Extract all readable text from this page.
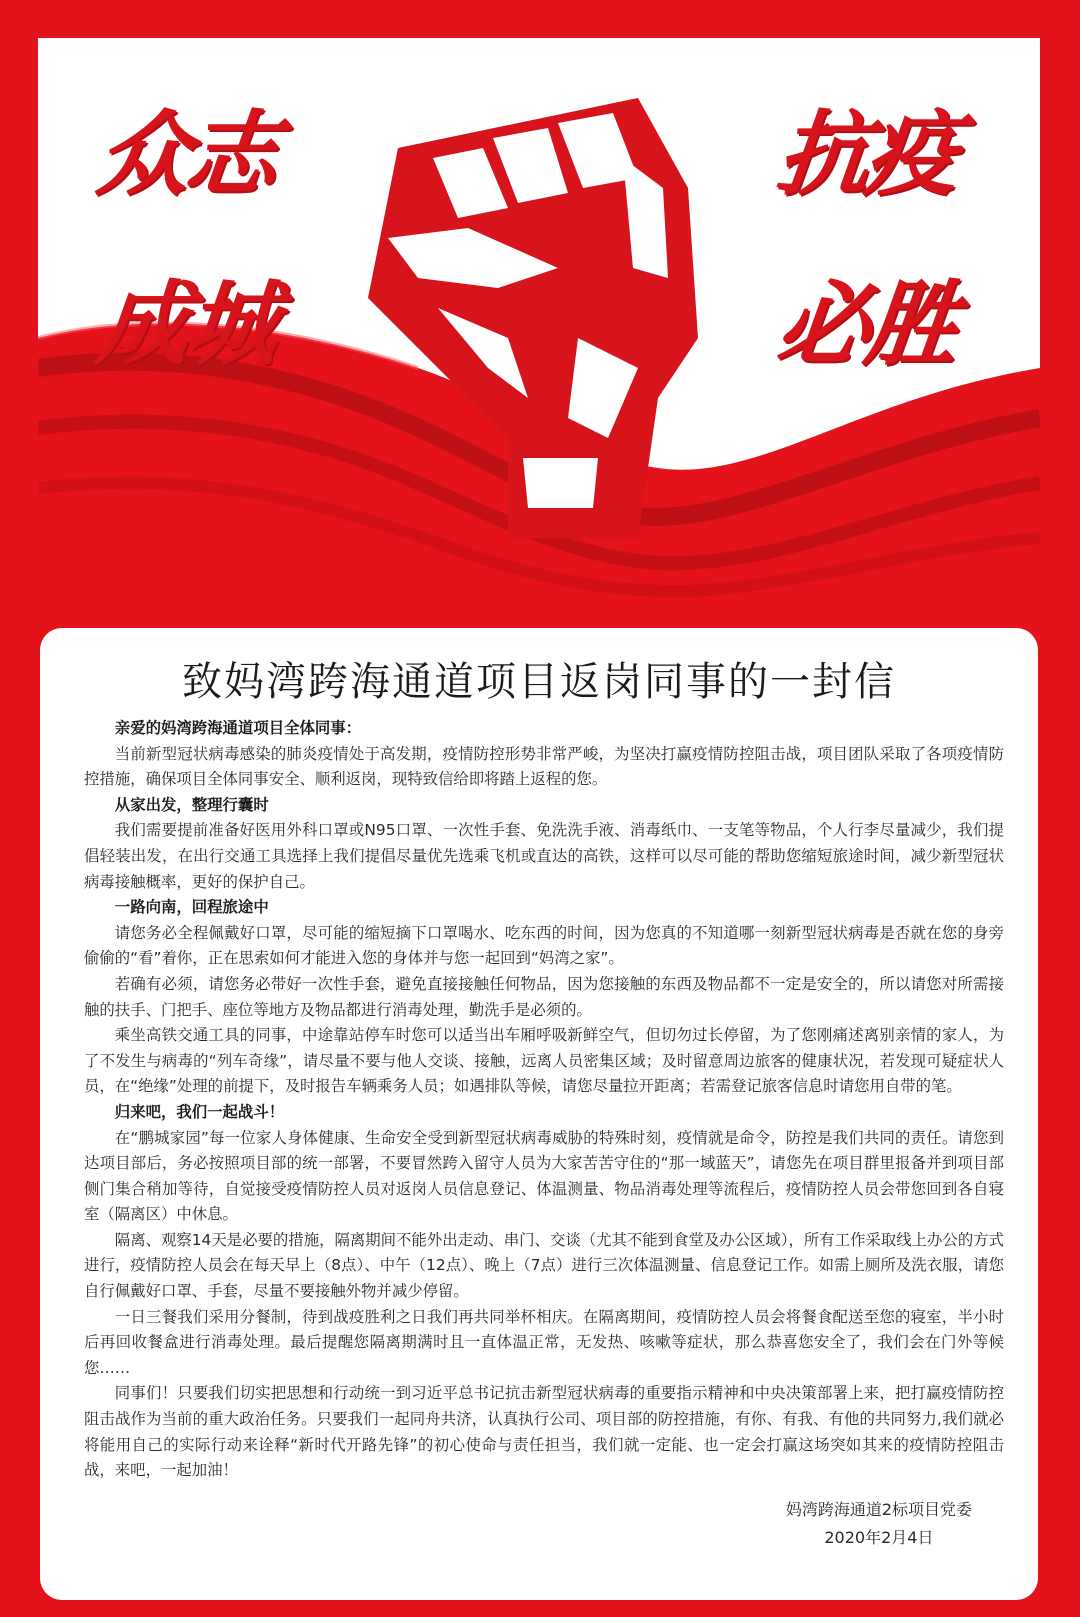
众志
成城
抗疫
必胜
致妈湾跨海通道项目返岗同事的一封信

亲爱的妈湾跨海通道项目全体同事：

当前新型冠状病毒感染的肺炎疫情处于高发期，疫情防控形势非常严峻，为坚决打赢疫情防控阻击战，项目团队采取了各项疫情防控措施，确保项目全体同事安全、顺利返岗，现特致信给即将踏上返程的您。

从家出发，整理行囊时

我们需要提前准备好医用外科口罩或N95口罩、一次性手套、免洗洗手液、消毒纸巾、一支笔等物品，个人行李尽量减少，我们提倡轻装出发，在出行交通工具选择上我们提倡尽量优先选乘飞机或直达的高铁，这样可以尽可能的帮助您缩短旅途时间，减少新型冠状病毒接触概率，更好的保护自己。

一路向南，回程旅途中

请您务必全程佩戴好口罩，尽可能的缩短摘下口罩喝水、吃东西的时间，因为您真的不知道哪一刻新型冠状病毒是否就在您的身旁偷偷的“看”着你，正在思索如何才能进入您的身体并与您一起回到“妈湾之家”。

若确有必须，请您务必带好一次性手套，避免直接接触任何物品，因为您接触的东西及物品都不一定是安全的，所以请您对所需接触的扶手、门把手、座位等地方及物品都进行消毒处理，勤洗手是必须的。

乘坐高铁交通工具的同事，中途靠站停车时您可以适当出车厢呼吸新鲜空气，但切勿过长停留，为了您刚痛述离别亲情的家人，为了不发生与病毒的“列车奇缘”，请尽量不要与他人交谈、接触，远离人员密集区域；及时留意周边旅客的健康状况，若发现可疑症状人员，在“绝缘”处理的前提下，及时报告车辆乘务人员；如遇排队等候，请您尽量拉开距离；若需登记旅客信息时请您用自带的笔。

归来吧，我们一起战斗！

在“鹏城家园”每一位家人身体健康、生命安全受到新型冠状病毒威胁的特殊时刻，疫情就是命令，防控是我们共同的责任。请您到达项目部后，务必按照项目部的统一部署，不要冒然跨入留守人员为大家苦苦守住的“那一域蓝天”，请您先在项目群里报备并到项目部侧门集合稍加等待，自觉接受疫情防控人员对返岗人员信息登记、体温测量、物品消毒处理等流程后，疫情防控人员会带您回到各自寝室（隔离区）中休息。

隔离、观察14天是必要的措施，隔离期间不能外出走动、串门、交谈（尤其不能到食堂及办公区域），所有工作采取线上办公的方式进行，疫情防控人员会在每天早上（8点）、中午（12点）、晚上（7点）进行三次体温测量、信息登记工作。如需上厕所及洗衣服，请您自行佩戴好口罩、手套，尽量不要接触外物并减少停留。

一日三餐我们采用分餐制，待到战疫胜利之日我们再共同举杯相庆。在隔离期间，疫情防控人员会将餐食配送至您的寝室，半小时后再回收餐盒进行消毒处理。最后提醒您隔离期满时且一直体温正常，无发热、咳嗽等症状，那么恭喜您安全了，我们会在门外等候您……

同事们！只要我们切实把思想和行动统一到习近平总书记抗击新型冠状病毒的重要指示精神和中央决策部署上来，把打赢疫情防控阻击战作为当前的重大政治任务。只要我们一起同舟共济，认真执行公司、项目部的防控措施，有你、有我、有他的共同努力,我们就必将能用自己的实际行动来诠释“新时代开路先锋”的初心使命与责任担当，我们就一定能、也一定会打赢这场突如其来的疫情防控阻击战，来吧，一起加油！

妈湾跨海通道2标项目党委
2020年2月4日
